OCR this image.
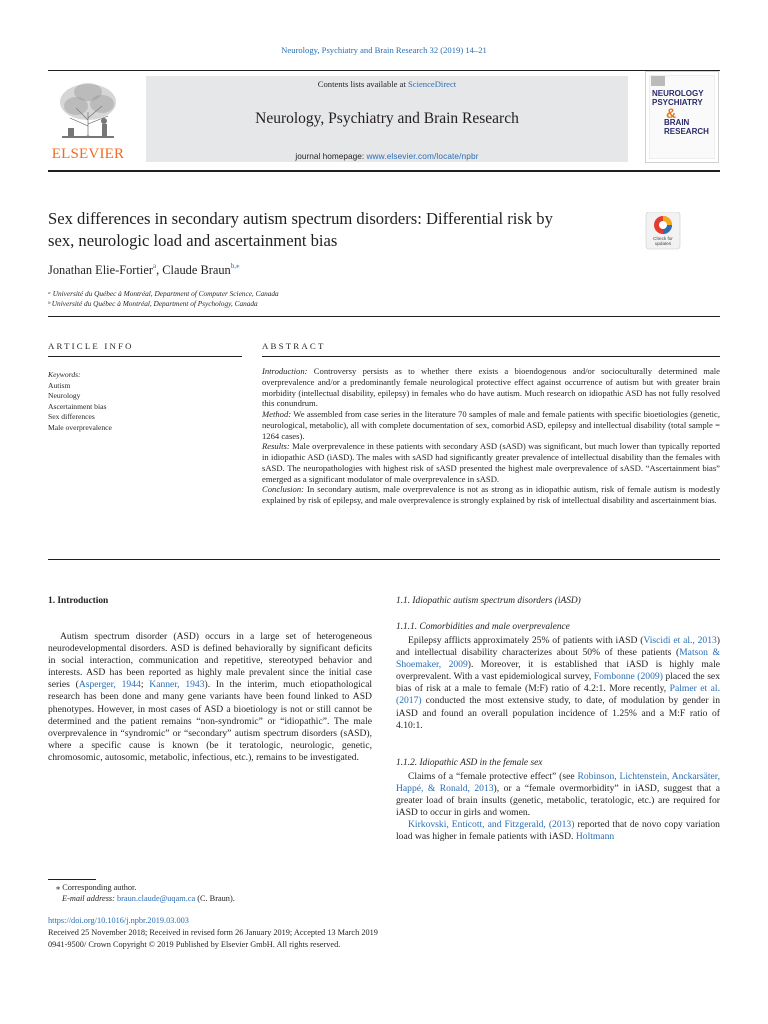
Neurology, Psychiatry and Brain Research 32 (2019) 14–21
ELSEVIER
Contents lists available at ScienceDirect
Neurology, Psychiatry and Brain Research
journal homepage: www.elsevier.com/locate/npbr
NEUROLOGY
PSYCHIATRY
&
BRAIN
RESEARCH
Sex differences in secondary autism spectrum disorders: Differential risk by
sex, neurologic load and ascertainment bias	Check for updates
Jonathan Elie-Fortier$^a$, Claude Braun$^{b,⁎}$
ᵃ Université du Québec à Montréal, Department of Computer Science, Canada
ᵇ Université du Québec à Montréal, Department of Psychology, Canada
ARTICLE INFO	ABSTRACT
Keywords:
Autism
Neurology
Ascertainment bias
Sex differences
Male overprevalence

Introduction: Controversy persists as to whether there exists a bioendogenous and/or socioculturally determined male overprevalence and/or a predominantly female neurological protective effect against occurrence of autism but with greater brain morbidity (intellectual disability, epilepsy) in females who do have autism. Much research on idiopathic ASD has not fully resolved this conundrum.

Method: We assembled from case series in the literature 70 samples of male and female patients with specific bioetiologies (genetic, neurological, metabolic), all with complete documentation of sex, comorbid ASD, epilepsy and intellectual disability (total sample = 1264 cases).

Results: Male overprevalence in these patients with secondary ASD (sASD) was significant, but much lower than typically reported in idiopathic ASD (iASD). The males with sASD had significantly greater prevalence of intellectual disability than the females with sASD. The neuropathologies with highest risk of sASD presented the highest male overprevalence of sASD. “Ascertainment bias” emerged as a significant modulator of male overprevalence in sASD.

Conclusion: In secondary autism, male overprevalence is not as strong as in idiopathic autism, risk of female autism is modestly explained by risk of epilepsy, and male overprevalence is strongly explained by risk of intellectual disability and ascertainment bias.

1. Introduction

Autism spectrum disorder (ASD) occurs in a large set of heterogeneous neurodevelopmental disorders. ASD is defined behaviorally by significant deficits in social interaction, communication and repetitive, stereotyped behavior and interests. ASD has been reported as highly male prevalent since the initial case series (Asperger, 1944; Kanner, 1943). In the interim, much etiopathological research has been done and many gene variants have been found linked to ASD phenotypes. However, in most cases of ASD a bioetiology is not or still cannot be determined and the patient remains “non-syndromic” or “idiopathic”. The male overprevalence in “syndromic” or “secondary” autism spectrum disorders (sASD), where a specific cause is known (be it teratologic, neurologic, genetic, chromosomic, autosomic, metabolic, infectious, etc.), remains to be investigated.

1.1. Idiopathic autism spectrum disorders (iASD)
1.1.1. Comorbidities and male overprevalence

Epilepsy afflicts approximately 25% of patients with iASD (Viscidi et al., 2013) and intellectual disability characterizes about 50% of these patients (Matson & Shoemaker, 2009). Moreover, it is established that iASD is highly male overprevalent. With a vast epidemiological survey, Fombonne (2009) placed the sex bias of risk at a male to female (M:F) ratio of 4.2:1. More recently, Palmer et al. (2017) conducted the most extensive study, to date, of modulation by gender in iASD and found an overall population incidence of 1.25% and a M:F ratio of 4.10:1.

1.1.2. Idiopathic ASD in the female sex

Claims of a “female protective effect” (see Robinson, Lichtenstein, Anckarsäter, Happé, & Ronald, 2013), or a “female overmorbidity” in iASD, suggest that a greater load of brain insults (genetic, metabolic, teratologic, etc.) are required for iASD to occur in girls and women.

Kirkovski, Enticott, and Fitzgerald, (2013) reported that de novo copy variation load was higher in female patients with iASD. Holtmann

⁎ Corresponding author.
E-mail address: braun.claude@uqam.ca (C. Braun).
https://doi.org/10.1016/j.npbr.2019.03.003
Received 25 November 2018; Received in revised form 26 January 2019; Accepted 13 March 2019
0941-9500/ Crown Copyright © 2019 Published by Elsevier GmbH. All rights reserved.
